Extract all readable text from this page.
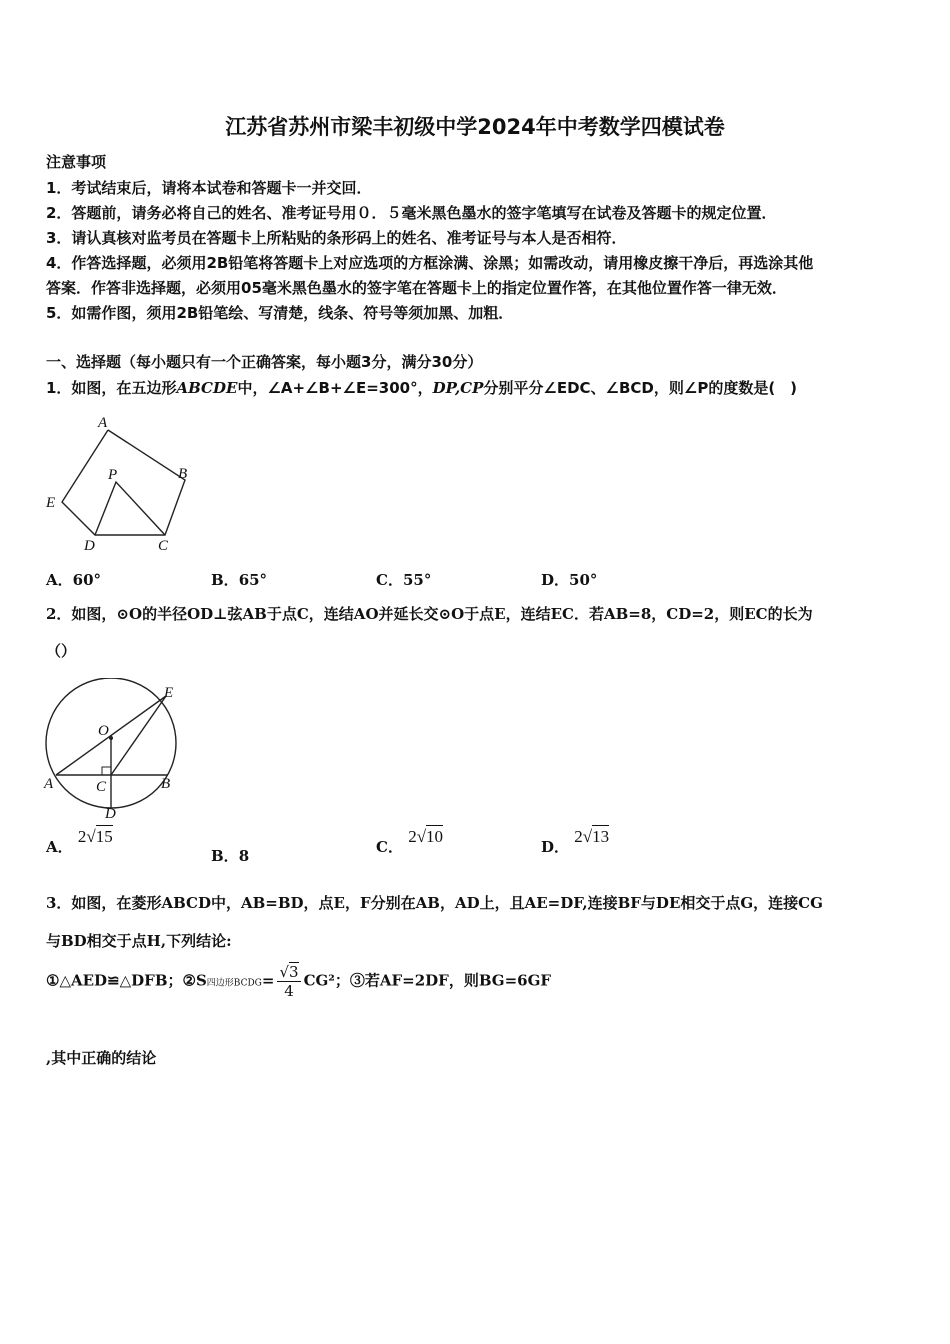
江苏省苏州市梁丰初级中学2024年中考数学四模试卷
注意事项
1．考试结束后，请将本试卷和答题卡一并交回．
2．答题前，请务必将自己的姓名、准考证号用０．５毫米黑色墨水的签字笔填写在试卷及答题卡的规定位置．
3．请认真核对监考员在答题卡上所粘贴的条形码上的姓名、准考证号与本人是否相符．
4．作答选择题，必须用2B铅笔将答题卡上对应选项的方框涂满、涂黑；如需改动，请用橡皮擦干净后，再选涂其他
答案．作答非选择题，必须用05毫米黑色墨水的签字笔在答题卡上的指定位置作答，在其他位置作答一律无效．
5．如需作图，须用2B铅笔绘、写清楚，线条、符号等须加黑、加粗．
一、选择题（每小题只有一个正确答案，每小题3分，满分30分）
1．如图，在五边形ABCDE中，∠A+∠B+∠E=300°，DP,CP分别平分∠EDC、∠BCD，则∠P的度数是(　)
A
B
C
D
E
P
A．60°	B．65°	C．55°	D．50°
2．如图，⊙O的半径OD⊥弦AB于点C，连结AO并延长交⊙O于点E，连结EC．若AB=8，CD=2，则EC的长为
（）
O
E
A	B
C
D
A． 2√15
B．8	C． 2√10
D． 2√13
3．如图，在菱形ABCD中，AB=BD，点E，F分别在AB，AD上，且AE=DF,连接BF与DE相交于点G，连接CG
与BD相交于点H,下列结论:
①△AED≌△DFB；②S四边形BCDG= $\frac{√3}{4} CG^2$；③若AF=2DF，则BG=6GF
,其中正确的结论
